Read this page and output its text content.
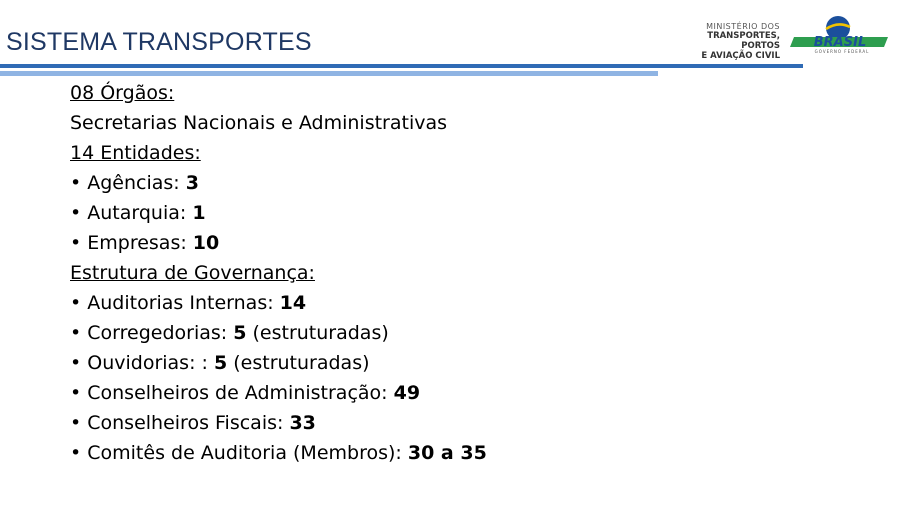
SISTEMA TRANSPORTES
MINISTÉRIO DOS
TRANSPORTES, PORTOS
E AVIAÇÃO CIVIL
BRASIL
GOVERNO FEDERAL
08 Órgãos:
Secretarias Nacionais e Administrativas
14 Entidades:
• Agências: 3
• Autarquia: 1
• Empresas: 10
Estrutura de Governança:
• Auditorias Internas: 14
• Corregedorias: 5 (estruturadas)
• Ouvidorias: : 5 (estruturadas)
• Conselheiros de Administração: 49
• Conselheiros Fiscais: 33
• Comitês de Auditoria (Membros): 30 a 35
